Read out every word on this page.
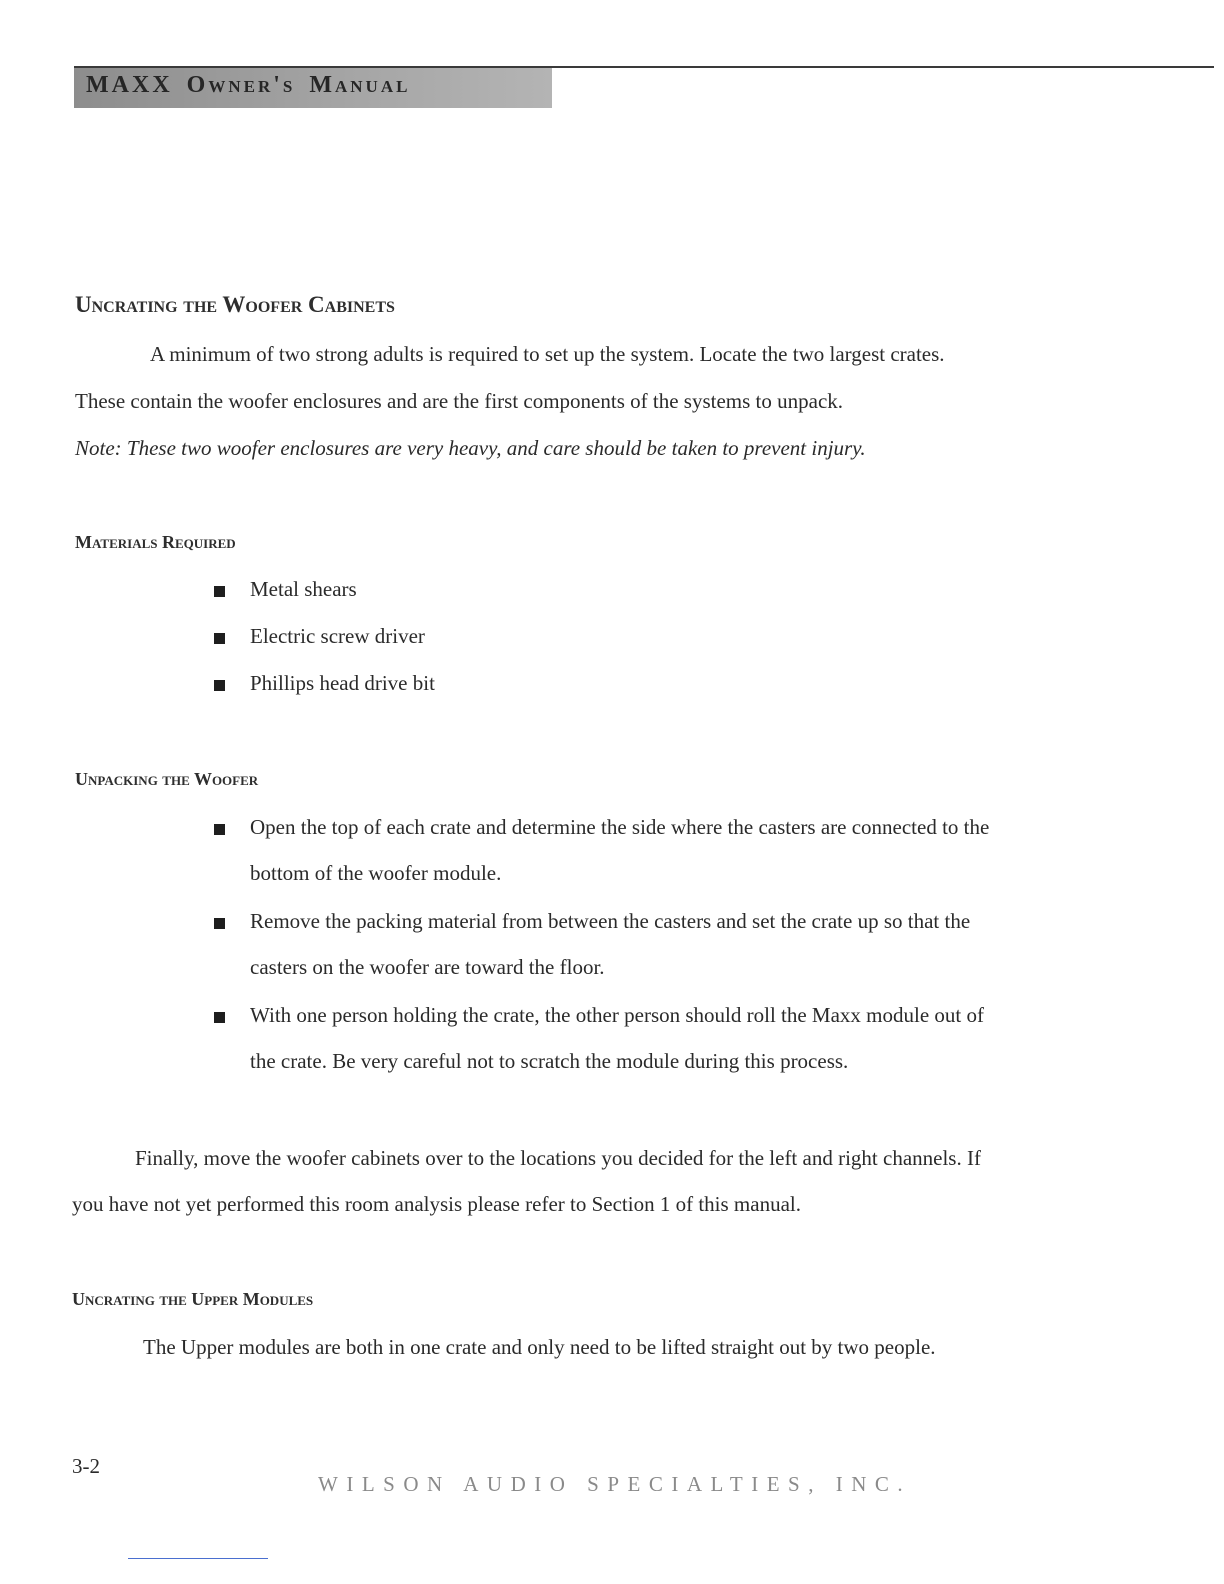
MAXX Owner's Manual
Uncrating the Woofer Cabinets
A minimum of two strong adults is required to set up the system. Locate the two largest crates.
These contain the woofer enclosures and are the first components of the systems to unpack.
Note: These two woofer enclosures are very heavy, and care should be taken to prevent injury.
Materials Required
Metal shears
Electric screw driver
Phillips head drive bit
Unpacking the Woofer
Open the top of each crate and determine the side where the casters are connected to the
bottom of the woofer module.
Remove the packing material from between the casters and set the crate up so that the
casters on the woofer are toward the floor.
With one person holding the crate, the other person should roll the Maxx module out of
the crate. Be very careful not to scratch the module during this process.
Finally, move the woofer cabinets over to the locations you decided for the left and right channels. If
you have not yet performed this room analysis please refer to Section 1 of this manual.
Uncrating the Upper Modules
The Upper modules are both in one crate and only need to be lifted straight out by two people.
3-2
WILSON AUDIO SPECIALTIES, INC.
